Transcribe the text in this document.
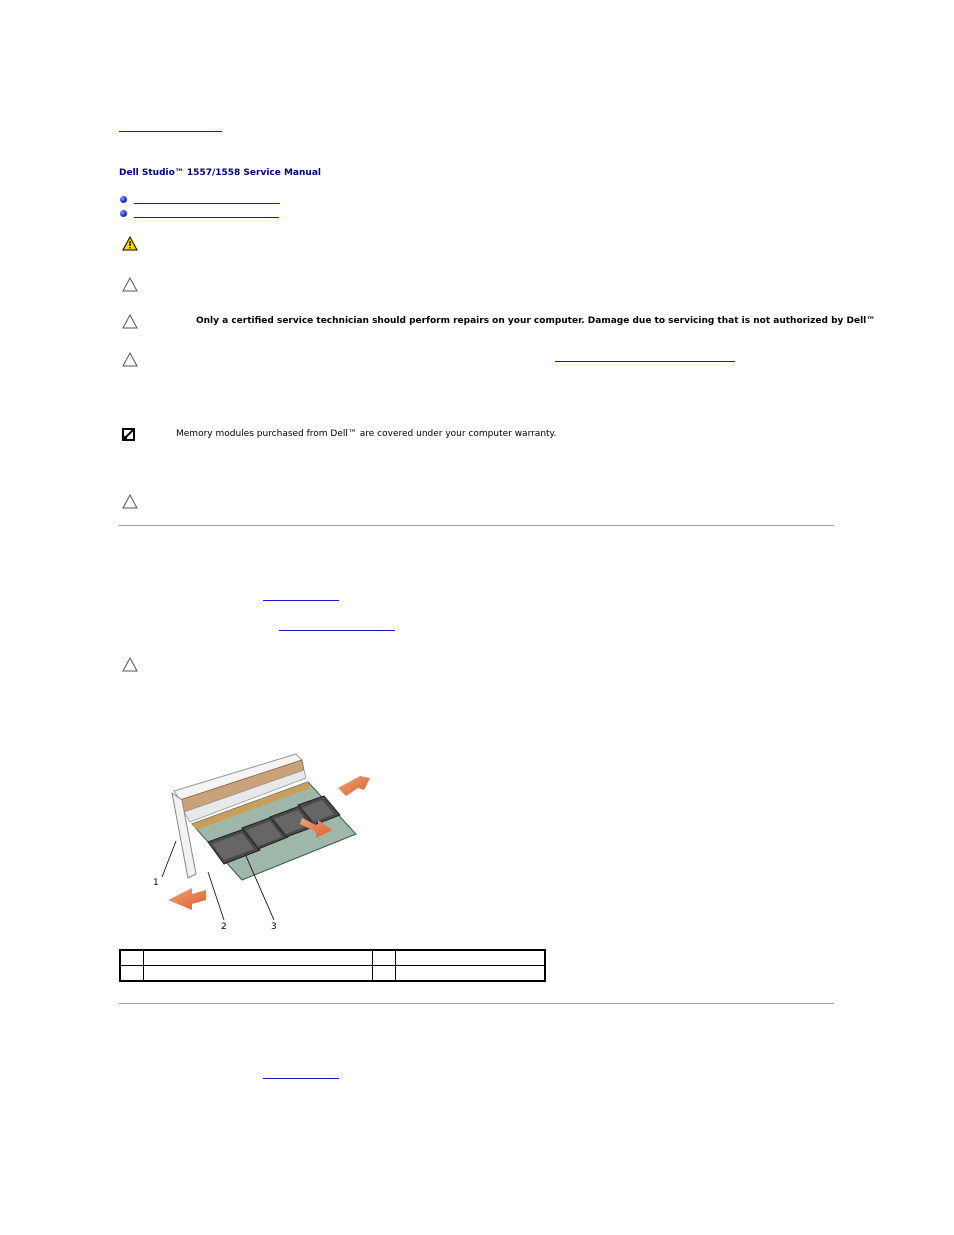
Dell Studio™ 1557/1558 Service Manual
Only a certified service technician should perform repairs on your computer. Damage due to servicing that is not authorized by Dell™
Memory modules purchased from Dell™ are covered under your computer warranty.
1
2	3
